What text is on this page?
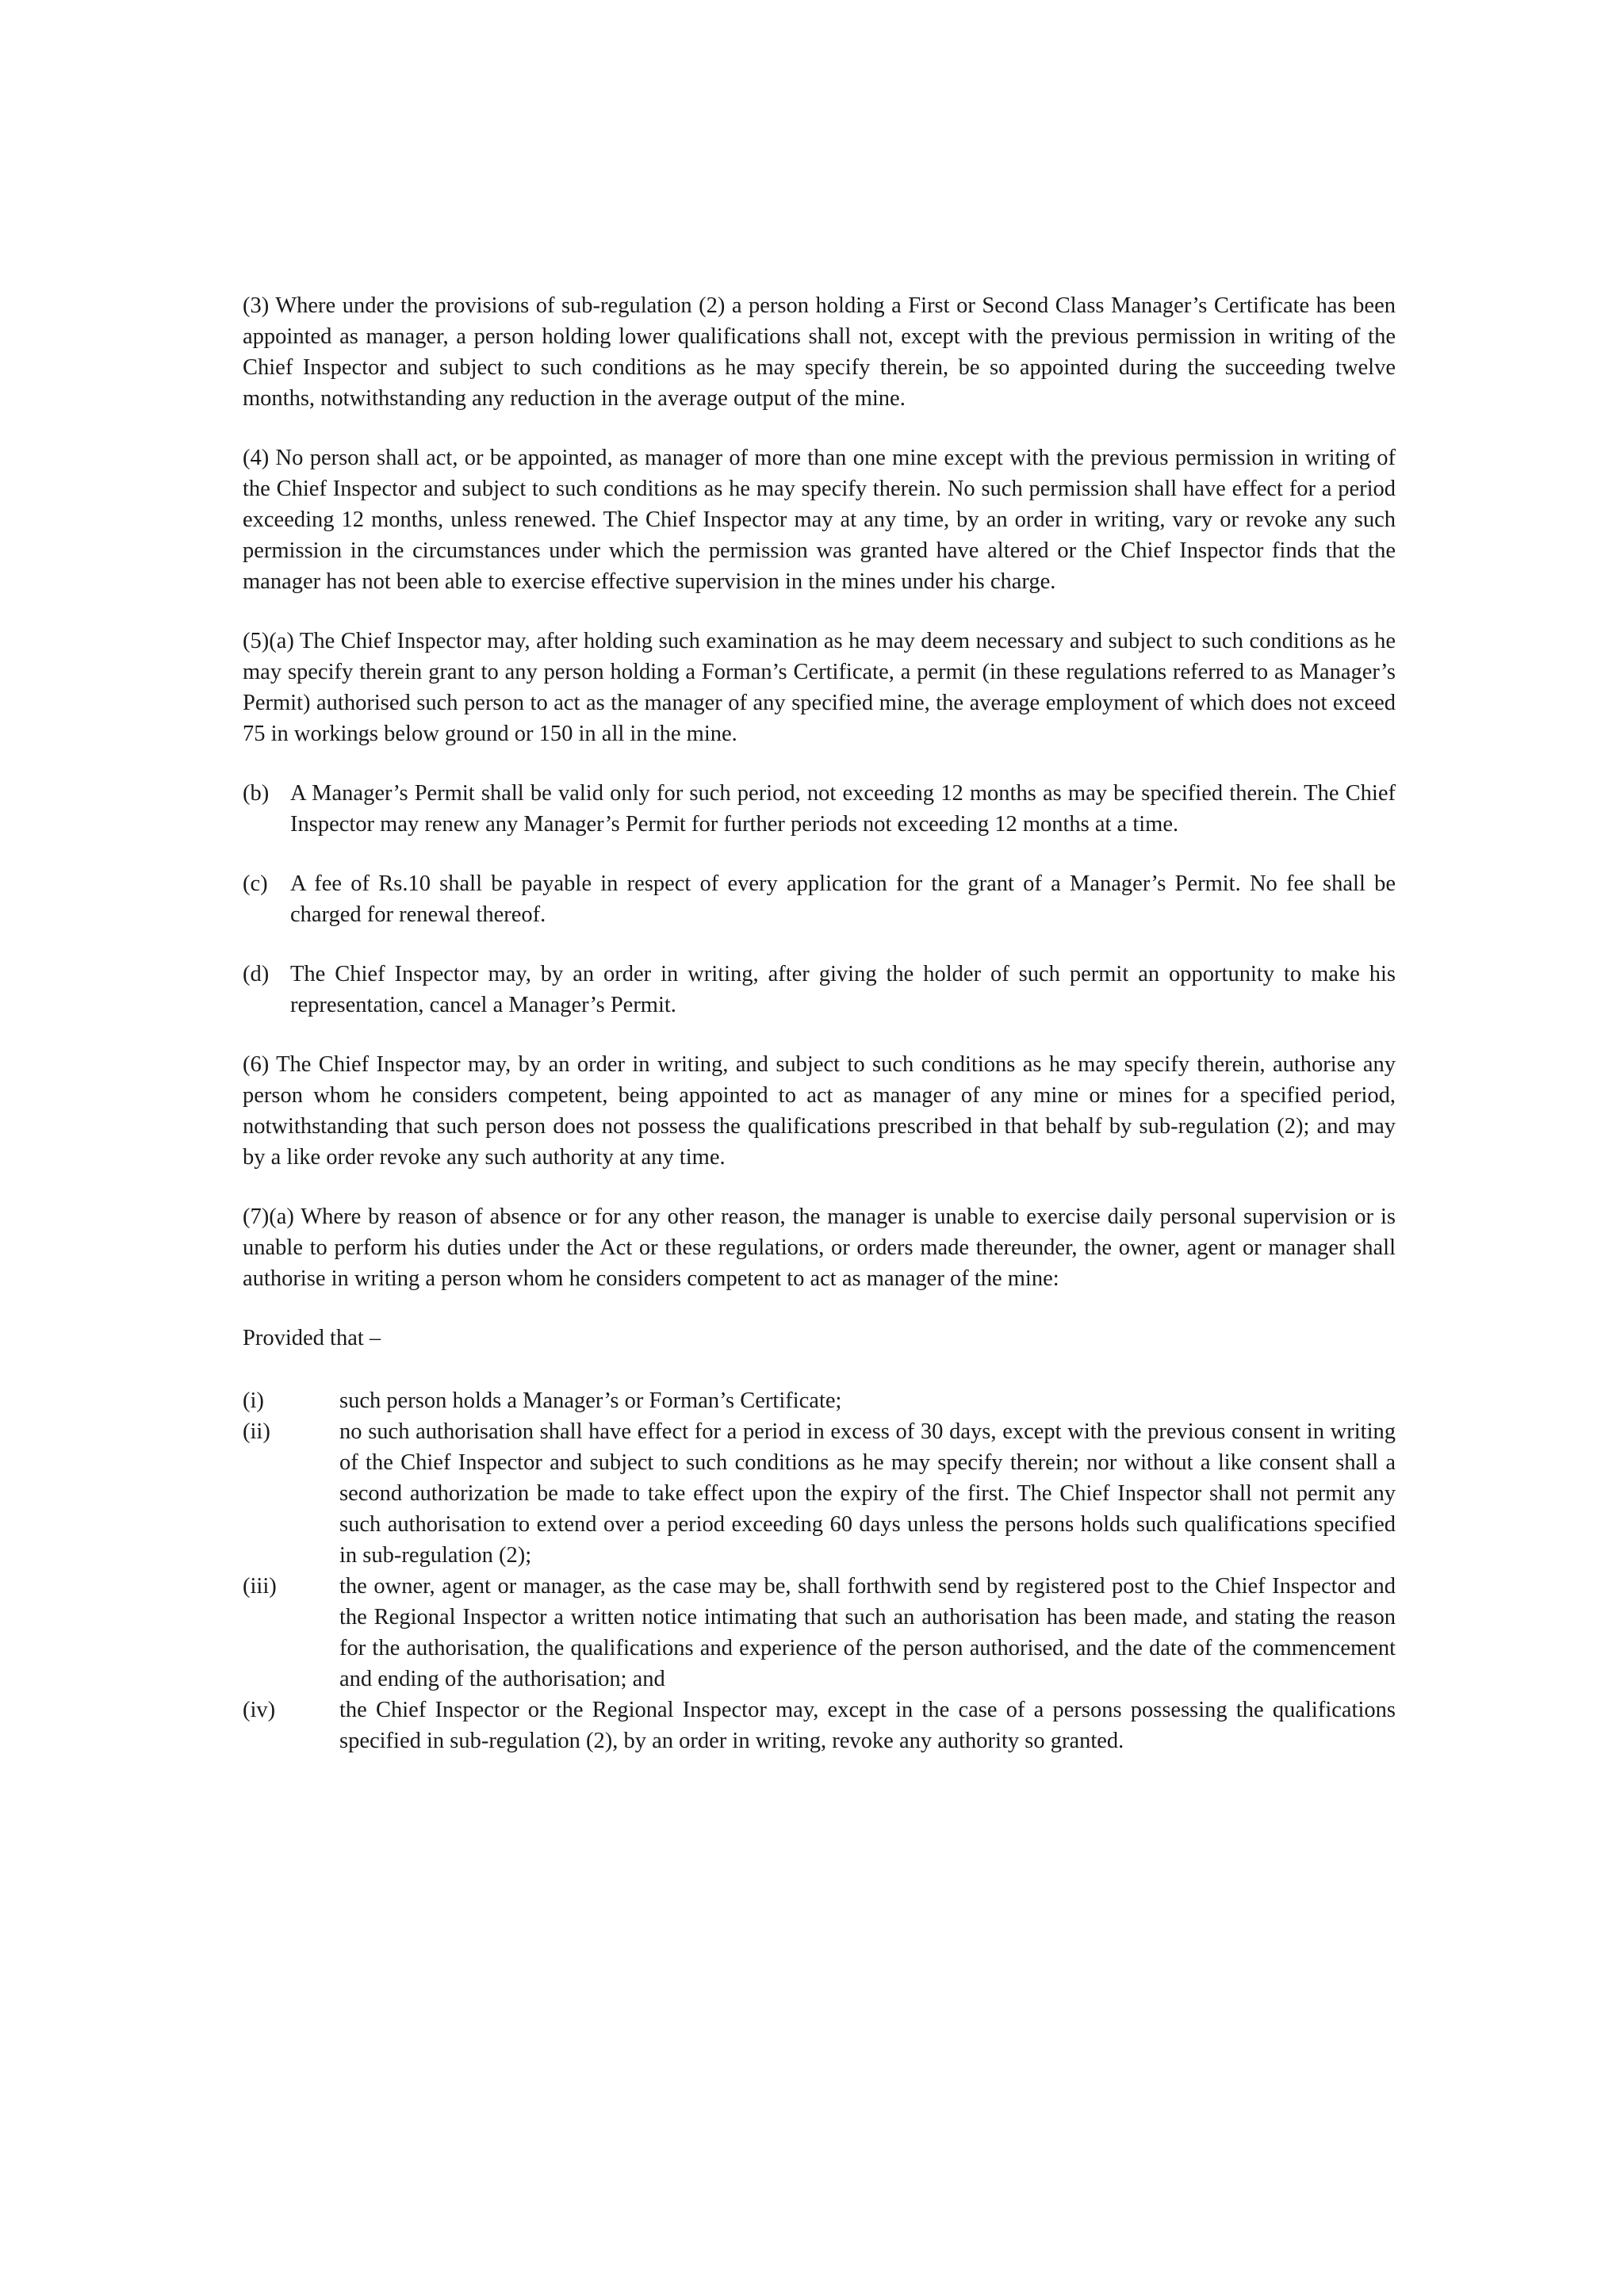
(3) Where under the provisions of sub-regulation (2) a person holding a First or Second Class Manager’s Certificate has been appointed as manager, a person holding lower qualifications shall not, except with the previous permission in writing of the Chief Inspector and subject to such conditions as he may specify therein, be so appointed during the succeeding twelve months, notwithstanding any reduction in the average output of the mine.

(4) No person shall act, or be appointed, as manager of more than one mine except with the previous permission in writing of the Chief Inspector and subject to such conditions as he may specify therein. No such permission shall have effect for a period exceeding 12 months, unless renewed. The Chief Inspector may at any time, by an order in writing, vary or revoke any such permission in the circumstances under which the permission was granted have altered or the Chief Inspector finds that the manager has not been able to exercise effective supervision in the mines under his charge.

(5)(a) The Chief Inspector may, after holding such examination as he may deem necessary and subject to such conditions as he may specify therein grant to any person holding a Forman’s Certificate, a permit (in these regulations referred to as Manager’s Permit) authorised such person to act as the manager of any specified mine, the average employment of which does not exceed 75 in workings below ground or 150 in all in the mine.

(b) A Manager’s Permit shall be valid only for such period, not exceeding 12 months as may be specified therein. The Chief Inspector may renew any Manager’s Permit for further periods not exceeding 12 months at a time.
(c) A fee of Rs.10 shall be payable in respect of every application for the grant of a Manager’s Permit. No fee shall be charged for renewal thereof.
(d) The Chief Inspector may, by an order in writing, after giving the holder of such permit an opportunity to make his representation, cancel a Manager’s Permit.

(6) The Chief Inspector may, by an order in writing, and subject to such conditions as he may specify therein, authorise any person whom he considers competent, being appointed to act as manager of any mine or mines for a specified period, notwithstanding that such person does not possess the qualifications prescribed in that behalf by sub-regulation (2); and may by a like order revoke any such authority at any time.

(7)(a) Where by reason of absence or for any other reason, the manager is unable to exercise daily personal supervision or is unable to perform his duties under the Act or these regulations, or orders made thereunder, the owner, agent or manager shall authorise in writing a person whom he considers competent to act as manager of the mine:

Provided that –

(i)	such person holds a Manager’s or Forman’s Certificate;
(ii)	no such authorisation shall have effect for a period in excess of 30 days, except with the previous consent in writing of the Chief Inspector and subject to such conditions as he may specify therein; nor without a like consent shall a second authorization be made to take effect upon the expiry of the first. The Chief Inspector shall not permit any such authorisation to extend over a period exceeding 60 days unless the persons holds such qualifications specified in sub-regulation (2);
(iii)	the owner, agent or manager, as the case may be, shall forthwith send by registered post to the Chief Inspector and the Regional Inspector a written notice intimating that such an authorisation has been made, and stating the reason for the authorisation, the qualifications and experience of the person authorised, and the date of the commencement and ending of the authorisation; and
(iv)	the Chief Inspector or the Regional Inspector may, except in the case of a persons possessing the qualifications specified in sub-regulation (2), by an order in writing, revoke any authority so granted.
